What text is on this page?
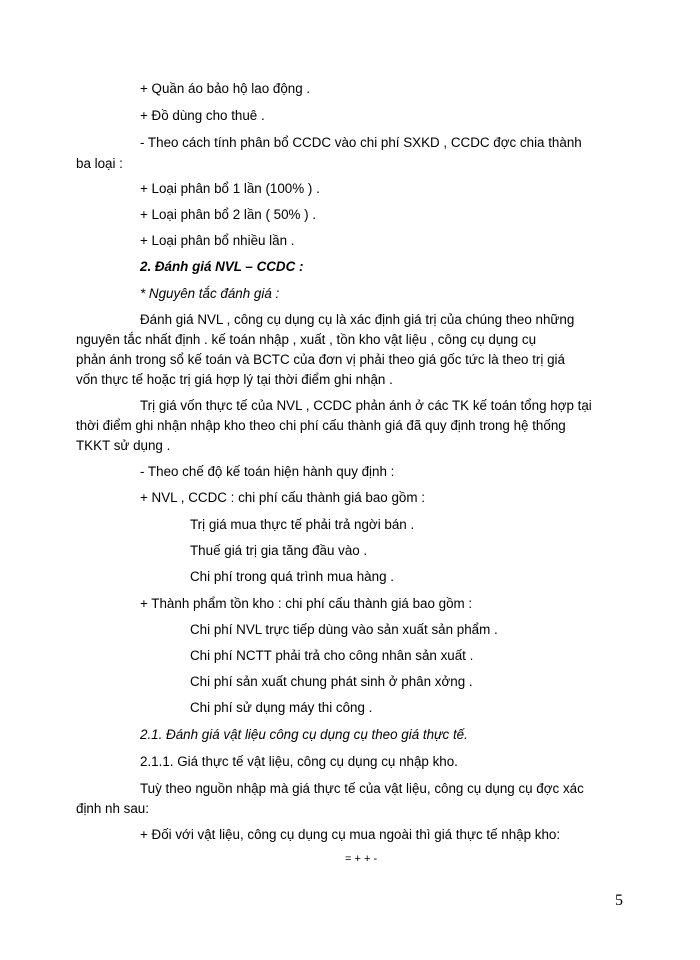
+ Quần áo bảo hộ lao động .
+ Đồ dùng cho thuê .
- Theo cách tính phân bổ CCDC vào chi phí SXKD , CCDC đợc chia thành
ba loại :
+ Loại phân bổ 1 lần (100% ) .
+ Loại phân bổ 2 lần ( 50% ) .
+ Loại phân bổ nhiều lần .
2. Đánh giá NVL – CCDC :
* Nguyên tắc đánh giá :
Đánh giá NVL , công cụ dụng cụ là xác định giá trị của chúng theo những
nguyên tắc nhất định . kế toán nhập , xuất , tồn kho vật liệu , công cụ dụng cụ
phản ánh trong sổ kế toán và BCTC của đơn vị phải theo giá gốc tức là theo trị giá
vốn thực tế hoặc trị giá hợp lý tại thời điểm ghi nhận .
Trị giá vốn thực tế của NVL , CCDC phản ánh ở các TK kế toán tổng hợp tại
thời điểm ghi nhận nhập kho theo chi phí cấu thành giá đã quy định trong hệ thống
TKKT sử dụng .
- Theo chế độ kế toán hiện hành quy định :
+ NVL , CCDC : chi phí cấu thành giá bao gồm :
Trị giá mua thực tế phải trả ngời bán .
Thuế giá trị gia tăng đầu vào .
Chi phí trong quá trình mua hàng .
+ Thành phẩm tồn kho : chi phí cấu thành giá bao gồm :
Chi phí NVL trực tiếp dùng vào sản xuất sản phẩm .
Chi phí NCTT phải trả cho công nhân sản xuất .
Chi phí sản xuất chung phát sinh ở phân xởng .
Chi phí sử dụng máy thi công .
2.1. Đánh giá vật liệu công cụ dụng cụ theo giá thực tế.
2.1.1. Giá thực tế vật liệu, công cụ dụng cụ nhập kho.
Tuỳ theo nguồn nhập mà giá thực tế của vật liệu, công cụ dụng cụ đợc xác
định nh sau:
+ Đối với vật liệu, công cụ dụng cụ mua ngoài thì giá thực tế nhập kho:
= + + -
5
